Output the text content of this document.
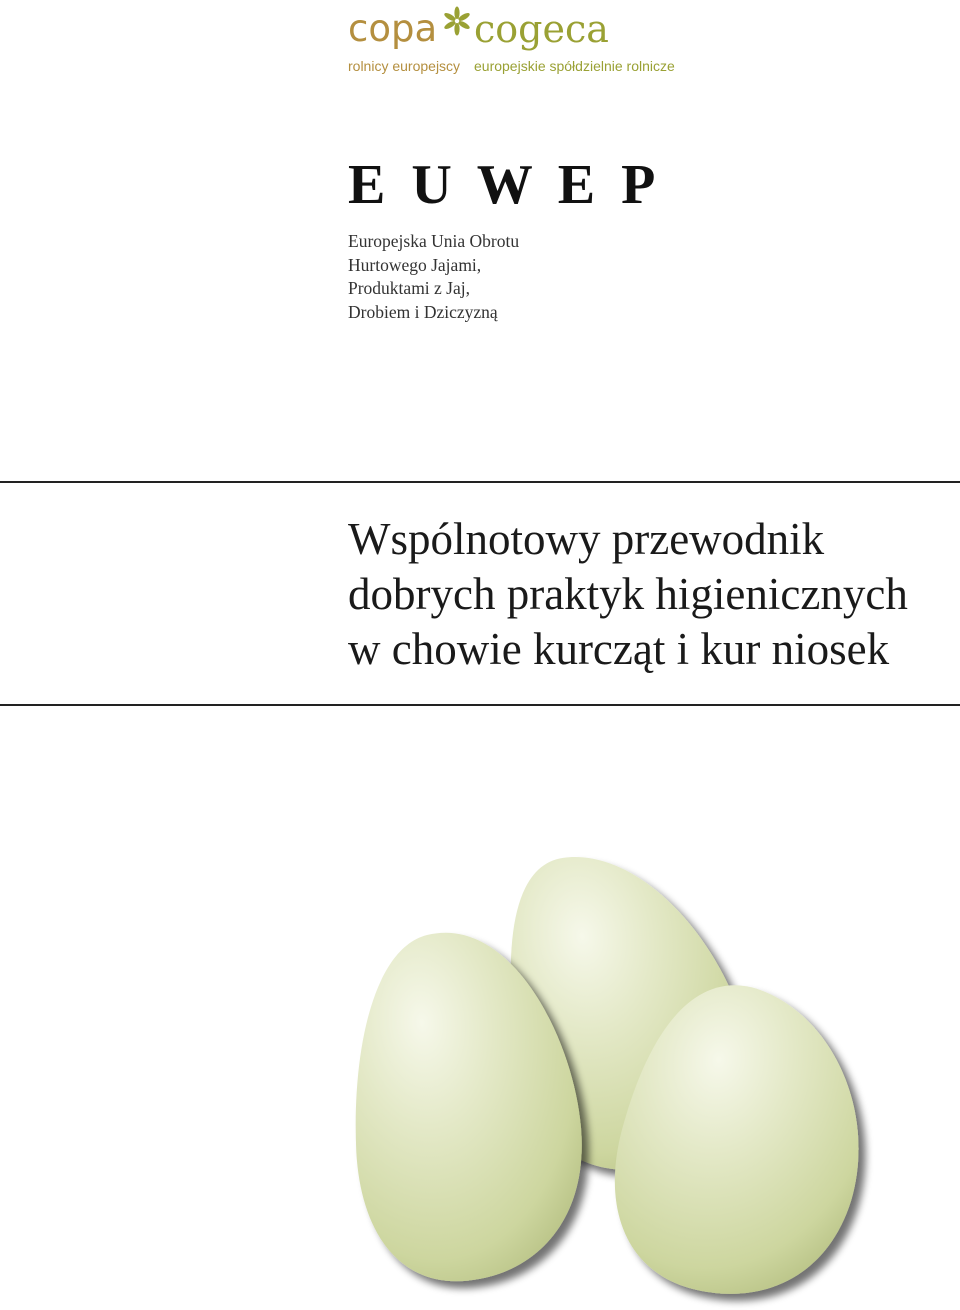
copa cogeca
rolnicy europejscy europejskie spółdzielnie rolnicze
E U W E P
Europejska Unia Obrotu
Hurtowego Jajami,
Produktami z Jaj,
Drobiem i Dziczyzną
Wspólnotowy przewodnik
dobrych praktyk higienicznych
w chowie kurcząt i kur niosek
